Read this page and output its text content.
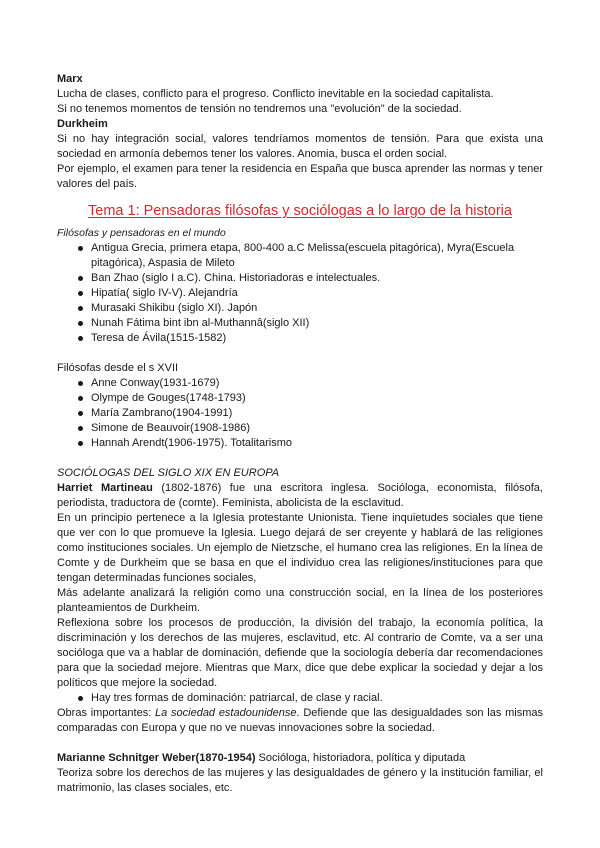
Marx

Lucha de clases, conflicto para el progreso. Conflicto inevitable en la sociedad capitalista.

Si no tenemos momentos de tensión no tendremos una "evolución" de la sociedad.

Durkheim

Si no hay integración social, valores tendríamos momentos de tensión. Para que exista una sociedad en armonía debemos tener los valores. Anomia, busca el orden social.

Por ejemplo, el examen para tener la residencia en España que busca aprender las normas y tener valores del país.

Tema 1: Pensadoras filósofas y sociólogas a lo largo de la historia

Filósofas y pensadoras en el mundo

Antigua Grecia, primera etapa, 800-400 a.C Melissa(escuela pitagórica), Myra(Escuela pitagórica), Aspasia de Mileto
Ban Zhao (siglo I a.C). China. Historiadoras e intelectuales.
Hipatía( siglo IV-V). Alejandría
Murasaki Shikibu (siglo XI). Japón
Nunah Fátima bint ibn al-Muthannâ(siglo XII)
Teresa de Ávila(1515-1582)

Filósofas desde el s XVII

Anne Conway(1931-1679)
Olympe de Gouges(1748-1793)
María Zambrano(1904-1991)
Simone de Beauvoir(1908-1986)
Hannah Arendt(1906-1975). Totalitarismo

SOCIÓLOGAS DEL SIGLO XIX EN EUROPA

Harriet Martineau (1802-1876) fue una escritora inglesa. Socióloga, economista, filósofa, periodista, traductora de (comte). Feminista, abolicista de la esclavitud.

En un principio pertenece a la Iglesia protestante Unionista. Tiene inquietudes sociales que tiene que ver con lo que promueve la Iglesia. Luego dejará de ser creyente y hablará de las religiones como instituciones sociales. Un ejemplo de Nietzsche, el humano crea las religiones. En la línea de Comte y de Durkheim que se basa en que el individuo crea las religiones/instituciones para que tengan determinadas funciones sociales,

Más adelante analizará la religión como una construcción social, en la línea de los posteriores planteamientos de Durkheim.

Reflexiona sobre los procesos de producción, la división del trabajo, la economía política, la discriminación y los derechos de las mujeres, esclavitud, etc. Al contrario de Comte, va a ser una socióloga que va a hablar de dominación, defiende que la sociología debería dar recomendaciones para que la sociedad mejore. Mientras que Marx, dice que debe explicar la sociedad y dejar a los políticos que mejore la sociedad.

Hay tres formas de dominación: patriarcal, de clase y racial.

Obras importantes: La sociedad estadounidense. Defiende que las desigualdades son las mismas comparadas con Europa y que no ve nuevas innovaciones sobre la sociedad.

Marianne Schnitger Weber(1870-1954) Socióloga, historiadora, política y diputada

Teoriza sobre los derechos de las mujeres y las desigualdades de género y la institución familiar, el matrimonio, las clases sociales, etc.
